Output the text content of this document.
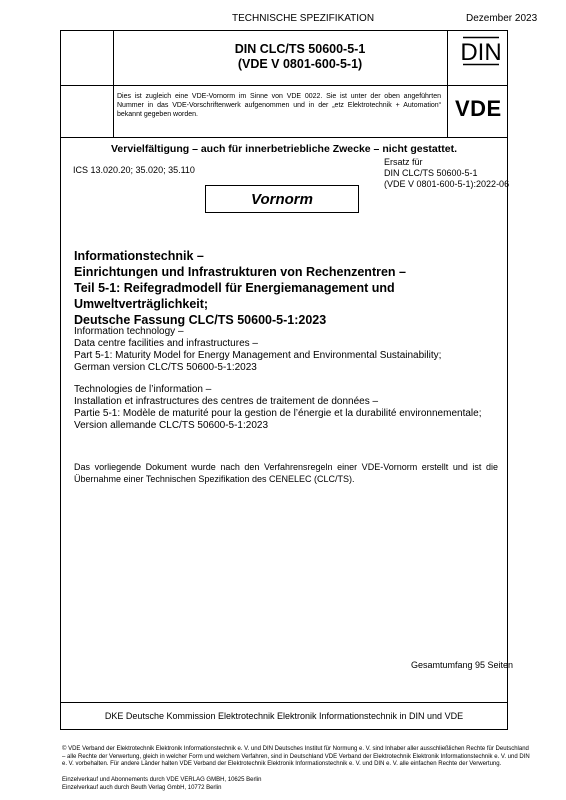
TECHNISCHE SPEZIFIKATION	Dezember 2023
DIN CLC/TS 50600-5-1
(VDE V 0801-600-5-1)	DIN
Dies ist zugleich eine VDE-Vornorm im Sinne von VDE 0022. Sie ist unter der oben angeführten Nummer in das VDE-Vorschriftenwerk aufgenommen und in der „etz Elektrotechnik + Automation“ bekannt gegeben worden.	VDE
Vervielfältigung – auch für innerbetriebliche Zwecke – nicht gestattet.
ICS 13.020.20; 35.020; 35.110
Ersatz für
DIN CLC/TS 50600-5-1
(VDE V 0801-600-5-1):2022-06
Vornorm
Informationstechnik –
Einrichtungen und Infrastrukturen von Rechenzentren –
Teil 5-1: Reifegradmodell für Energiemanagement und
Umweltverträglichkeit;
Deutsche Fassung CLC/TS 50600-5-1:2023
Information technology –
Data centre facilities and infrastructures –
Part 5-1: Maturity Model for Energy Management and Environmental Sustainability;
German version CLC/TS 50600-5-1:2023
Technologies de l’information –
Installation et infrastructures des centres de traitement de données –
Partie 5-1: Modèle de maturité pour la gestion de l’énergie et la durabilité environnementale;
Version allemande CLC/TS 50600-5-1:2023
Das vorliegende Dokument wurde nach den Verfahrensregeln einer VDE-Vornorm erstellt und ist die Übernahme einer Technischen Spezifikation des CENELEC (CLC/TS).
Gesamtumfang 95 Seiten
DKE Deutsche Kommission Elektrotechnik Elektronik Informationstechnik in DIN und VDE
© VDE Verband der Elektrotechnik Elektronik Informationstechnik e. V. und DIN Deutsches Institut für Normung e. V. sind Inhaber aller ausschließlichen Rechte für Deutschland – alle Rechte der Verwertung, gleich in welcher Form und welchem Verfahren, sind in Deutschland VDE Verband der Elektrotechnik Elektronik Informationstechnik e. V. und DIN e. V. vorbehalten. Für andere Länder halten VDE Verband der Elektrotechnik Elektronik Informationstechnik e. V. und DIN e. V. alle einfachen Rechte der Verwertung.
Einzelverkauf und Abonnements durch VDE VERLAG GMBH, 10625 Berlin
Einzelverkauf auch durch Beuth Verlag GmbH, 10772 Berlin
